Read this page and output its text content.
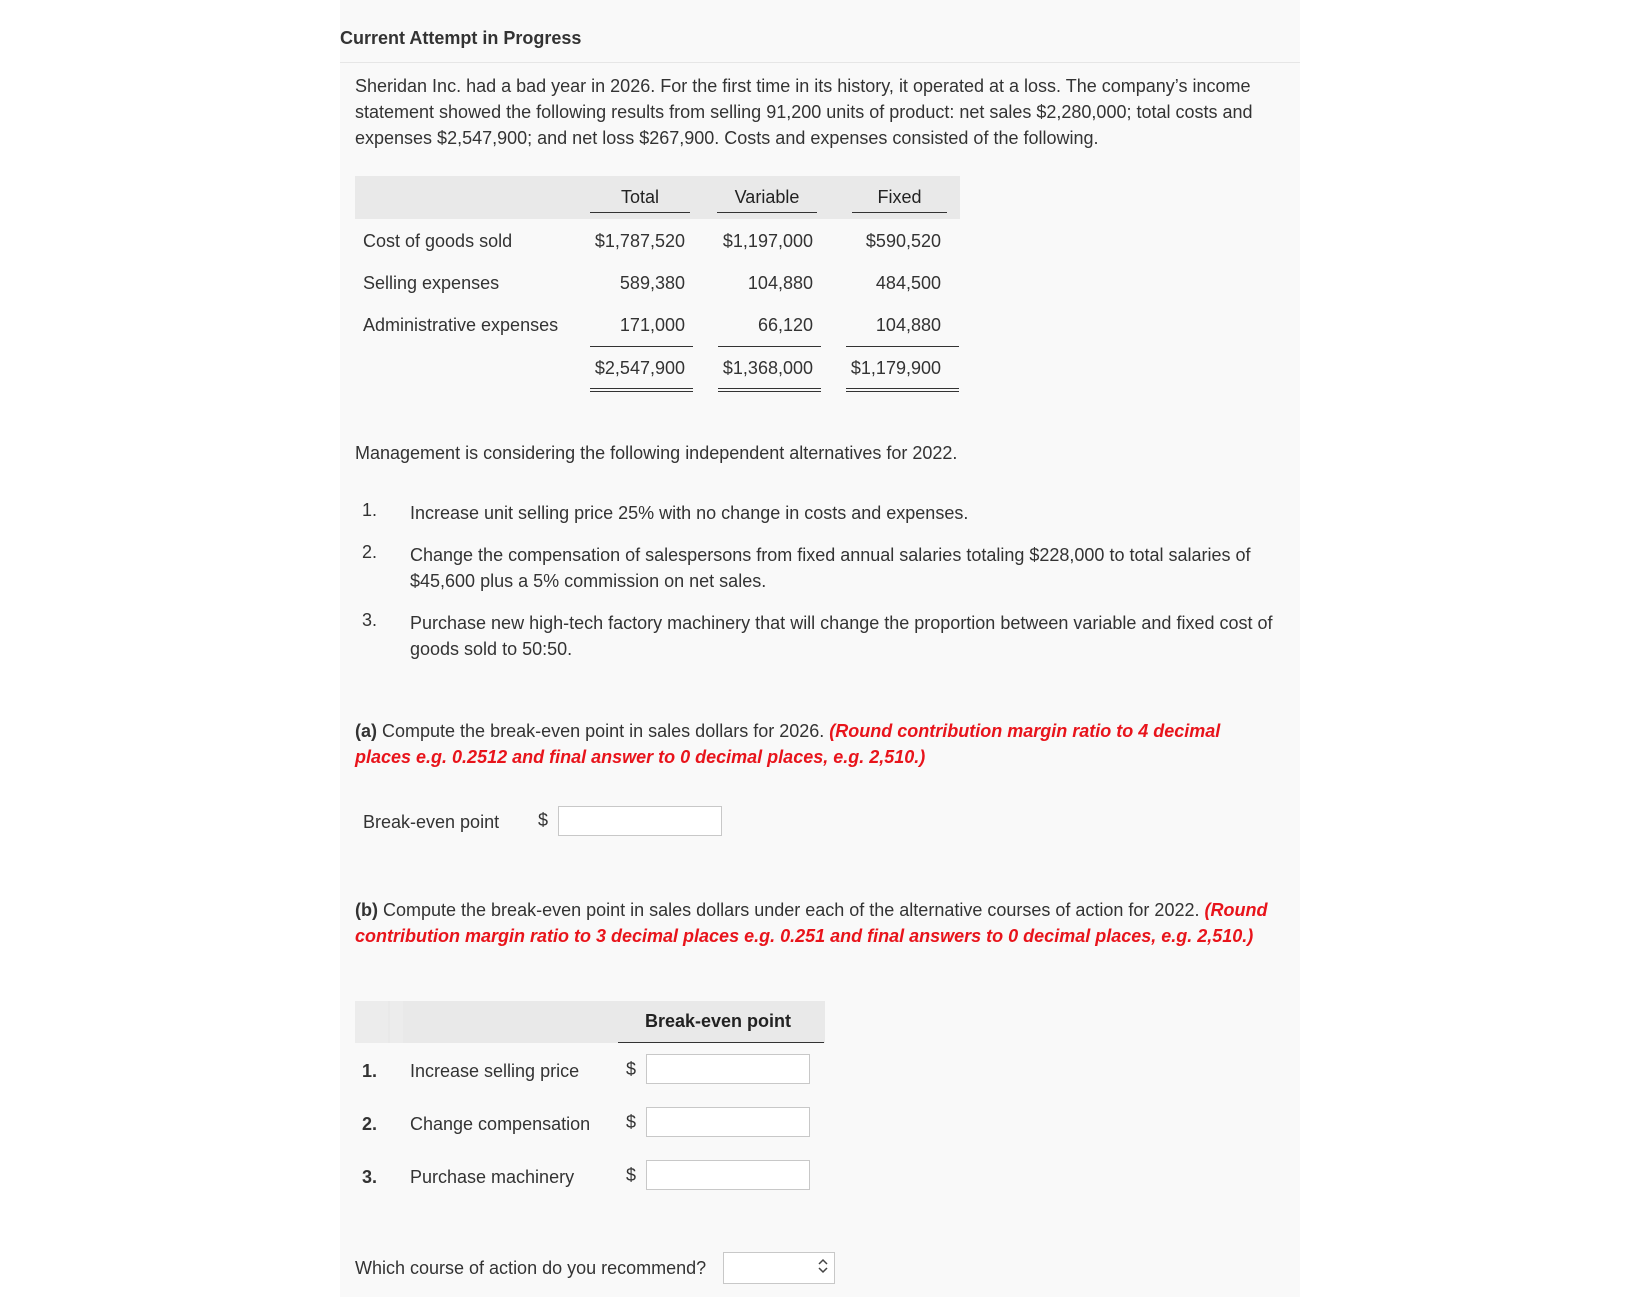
Current Attempt in Progress
Sheridan Inc. had a bad year in 2026. For the first time in its history, it operated at a loss. The company’s income statement showed the following results from selling 91,200 units of product: net sales $2,280,000; total costs and expenses $2,547,900; and net loss $267,900. Costs and expenses consisted of the following.
Total	Variable	Fixed
Cost of goods sold	$1,787,520	$1,197,000	$590,520
Selling expenses	589,380	104,880	484,500
Administrative expenses	171,000	66,120	104,880
$2,547,900	$1,368,000	$1,179,900
Management is considering the following independent alternatives for 2022.
1. Increase unit selling price 25% with no change in costs and expenses.
2. Change the compensation of salespersons from fixed annual salaries totaling $228,000 to total salaries of $45,600 plus a 5% commission on net sales.
3. Purchase new high-tech factory machinery that will change the proportion between variable and fixed cost of goods sold to 50:50.
(a) Compute the break-even point in sales dollars for 2026. (Round contribution margin ratio to 4 decimal places e.g. 0.2512 and final answer to 0 decimal places, e.g. 2,510.)
Break-even point $
(b) Compute the break-even point in sales dollars under each of the alternative courses of action for 2022. (Round contribution margin ratio to 3 decimal places e.g. 0.251 and final answers to 0 decimal places, e.g. 2,510.)
Break-even point
1. Increase selling price	$
2. Change compensation $
3. Purchase machinery	$
Which course of action do you recommend?
